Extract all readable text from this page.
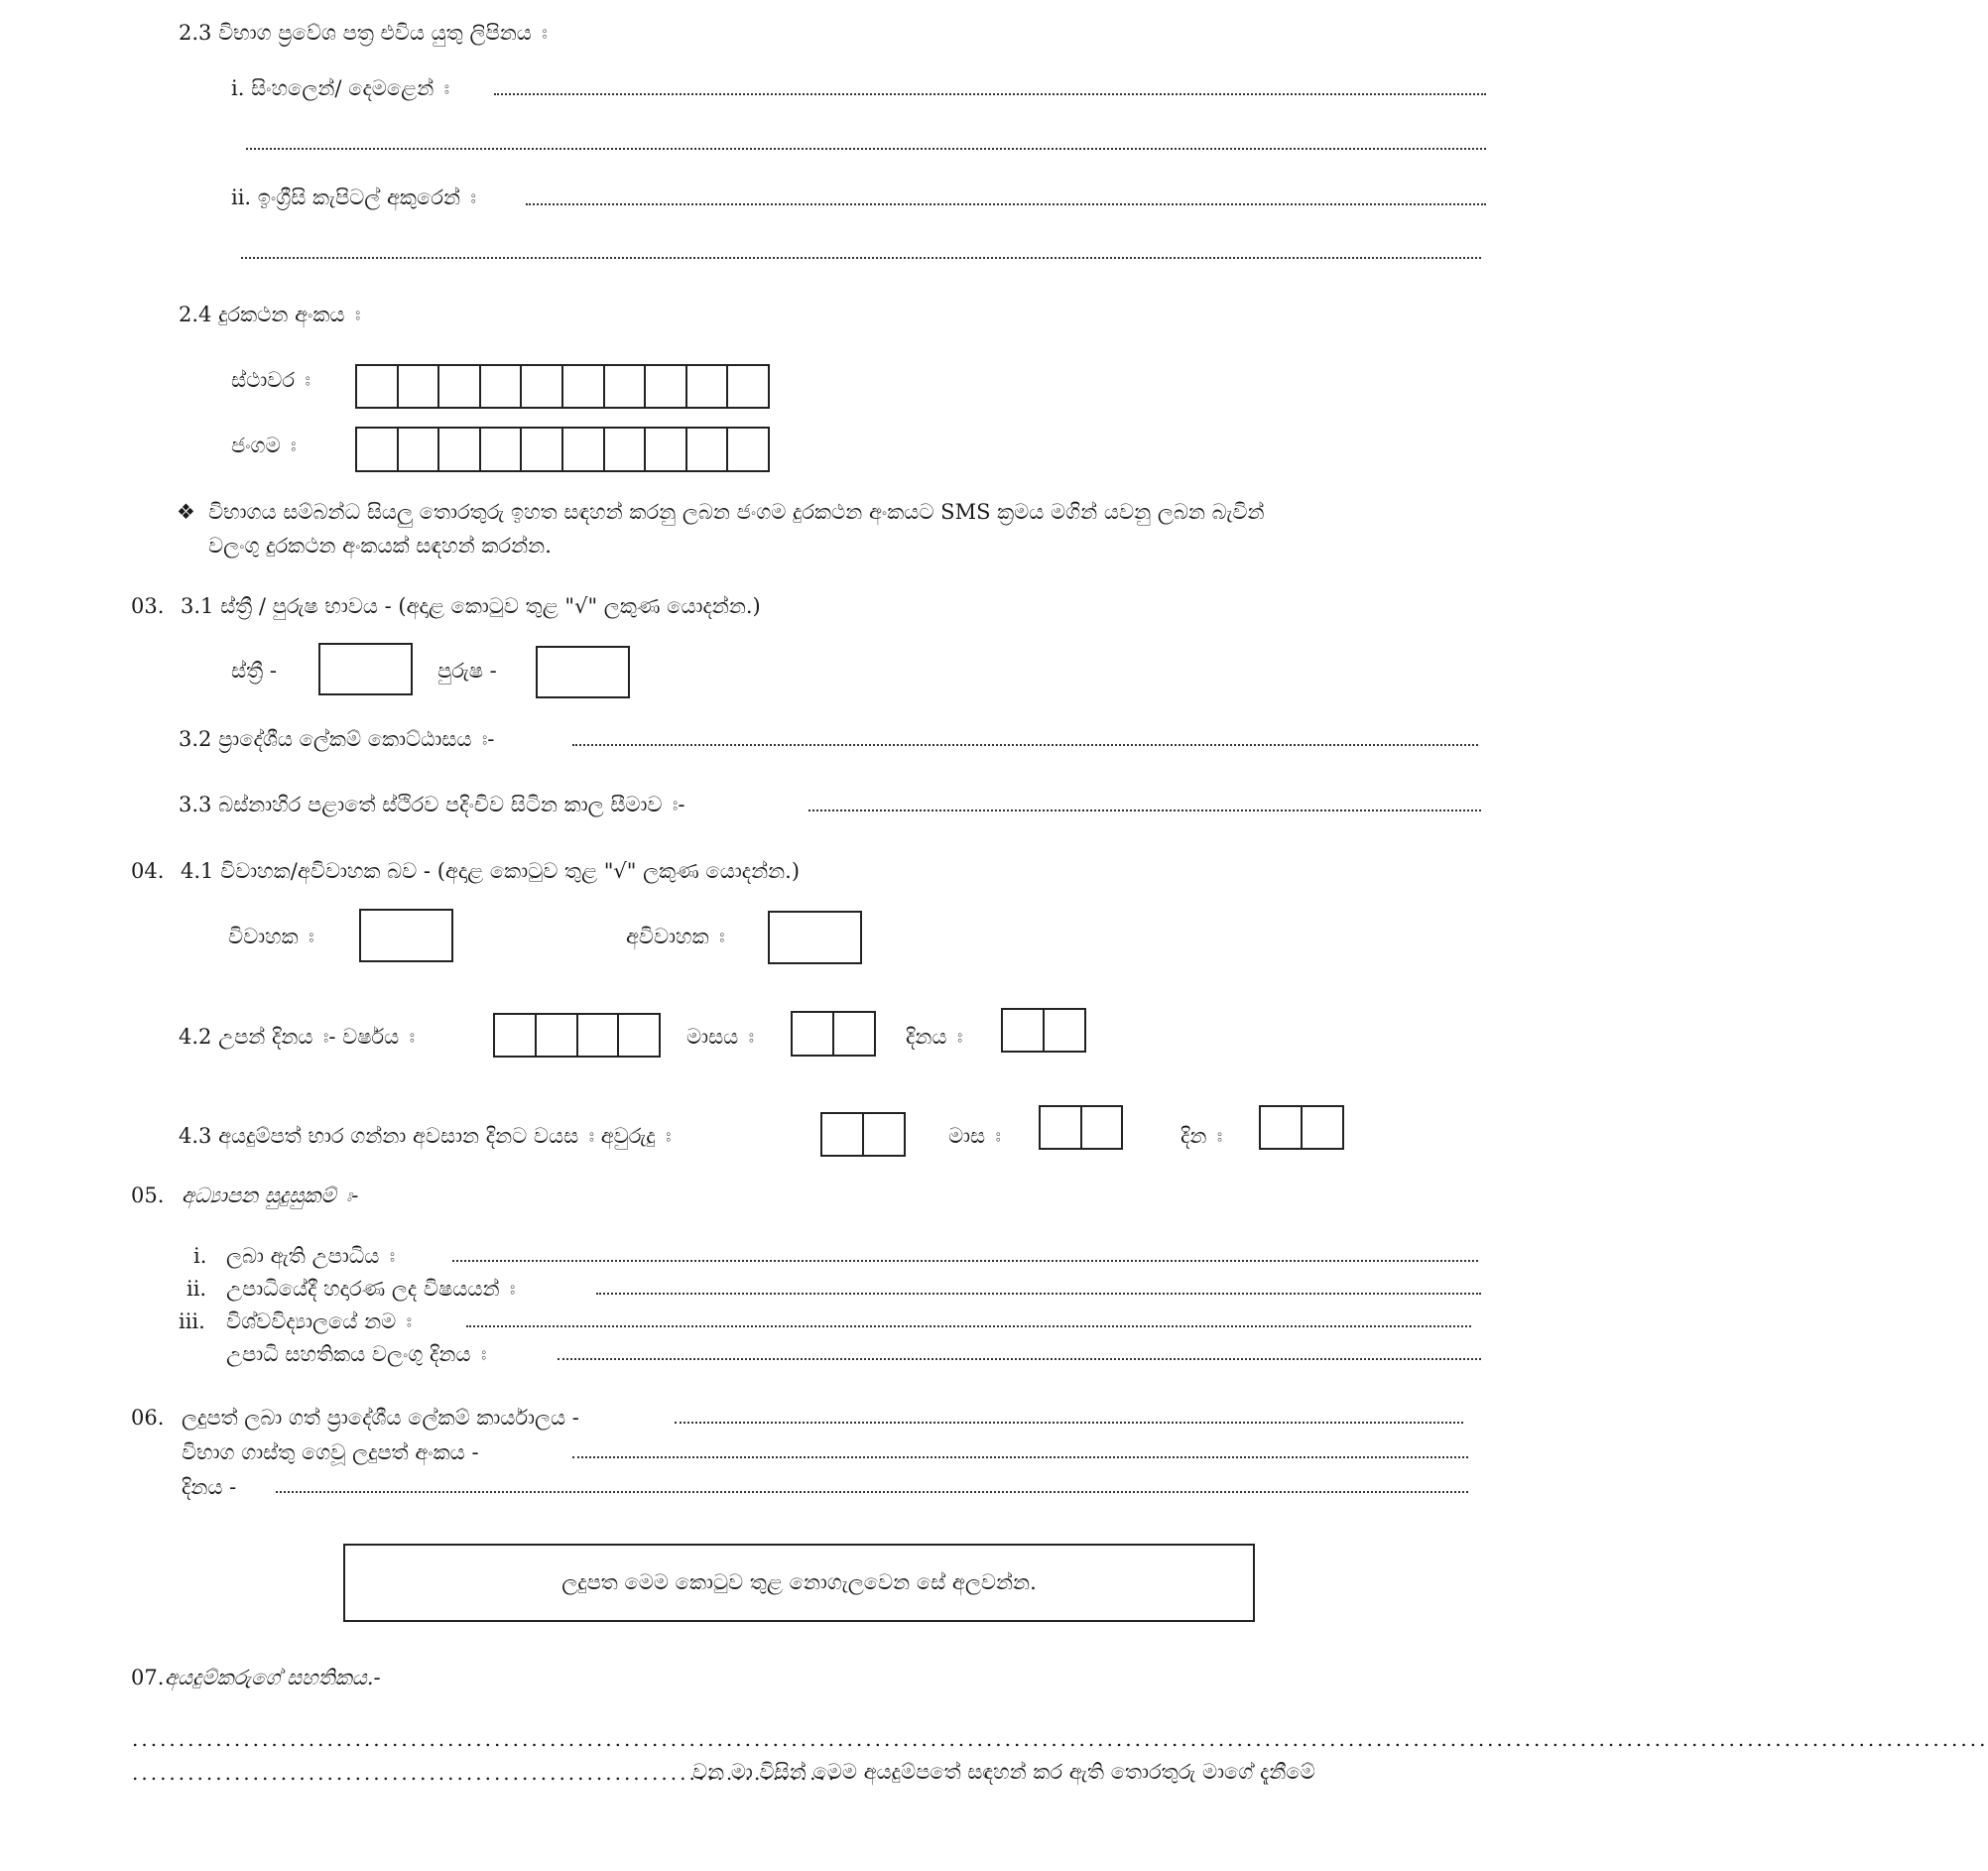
2.3 විභාග ප්‍රවේශ පත්‍ර එවිය යුතු ලිපිනය ඃ
i. සිංහලෙන්/ දෙමළෙන් ඃ
ii. ඉංග්‍රීසි කැපිටල් අකුරෙන් ඃ
2.4 දුරකථන අංකය ඃ
ස්ථාවර ඃ
ජංගම ඃ
❖ විභාගය සම්බන්ධ සියලු තොරතුරු ඉහත සඳහන් කරනු ලබන ජංගම දුරකථන අංකයට SMS ක්‍රමය මගින් යවනු ලබන බැවින්
වලංගු දුරකථන අංකයක් සඳහන් කරන්න.
03. 3.1 ස්ත්‍රී / පුරුෂ භාවය - (අදාළ කොටුව තුළ "√" ලකුණ යොදන්න.)
ස්ත්‍රී -	පුරුෂ -
3.2 ප්‍රාදේශීය ලේකම් කොට්ඨාසය ඃ-
3.3 බස්නාහිර පළාතේ ස්ථිරව පදිංචිව සිටින කාල සීමාව ඃ-
04. 4.1 විවාහක/අවිවාහක බව - (අදාළ කොටුව තුළ "√" ලකුණ යොදන්න.)
විවාහක ඃ	අවිවාහක ඃ
4.2 උපන් දිනය ඃ- වර්ෂය ඃ	මාසය ඃ	දිනය ඃ
4.3 අයදුම්පත් භාර ගන්නා අවසාන දිනට වයස ඃ අවුරුදු ඃ	මාස ඃ	දින ඃ
05. අධ්‍යාපන සුදුසුකම් ඃ-
i. ලබා ඇති උපාධිය ඃ
ii. උපාධියේදී හදාරණ ලද විෂයයන් ඃ
iii. විශ්වවිද්‍යාලයේ නම ඃ
උපාධි සහතිකය වලංගු දිනය ඃ
06. ලදුපත් ලබා ගත් ප්‍රාදේශීය ලේකම් කාර්යාලය -
විභාග ගාස්තු ගෙවූ ලදුපත් අංකය -
දිනය -
ලදුපත මෙම කොටුව තුළ නොගැලවෙන සේ අලවන්න.
07. අයදුම්කරුගේ සහතිකය.-
........................................................................................................................................................................................................
............................................................................
වන මා විසින් මෙම අයදුම්පතේ සඳහන් කර ඇති තොරතුරු මාගේ දැනීමේ
